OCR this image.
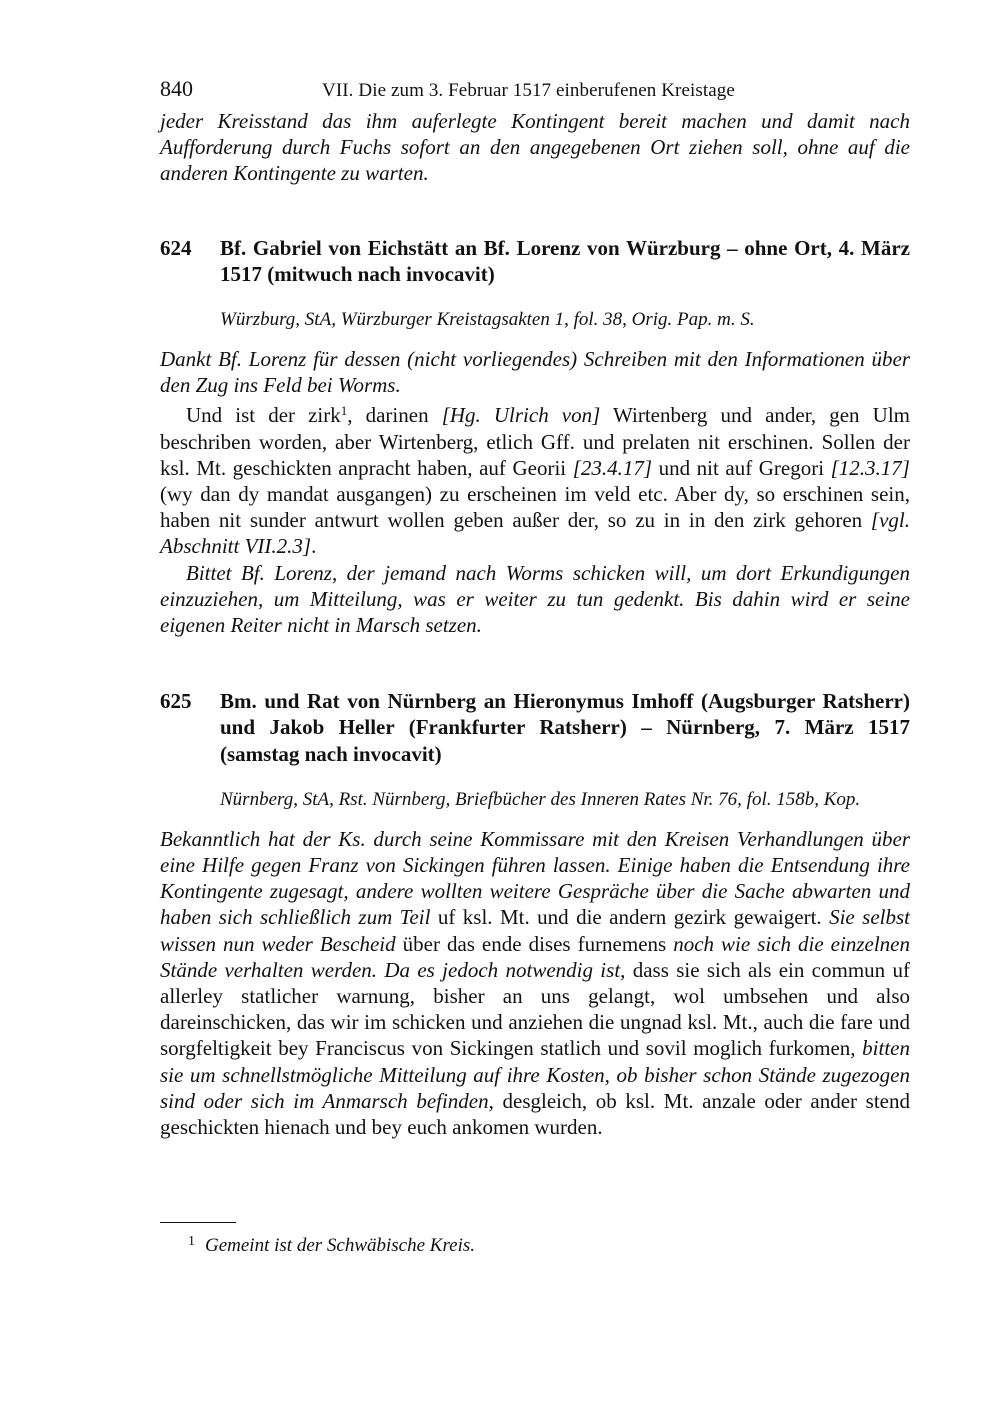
840	VII. Die zum 3. Februar 1517 einberufenen Kreistage

jeder Kreisstand das ihm auferlegte Kontingent bereit machen und damit nach Aufforderung durch Fuchs sofort an den angegebenen Ort ziehen soll, ohne auf die anderen Kontingente zu warten.

624	Bf. Gabriel von Eichstätt an Bf. Lorenz von Würzburg – ohne Ort, 4. März 1517 (mitwuch nach invocavit)
Würzburg, StA, Würzburger Kreistagsakten 1, fol. 38, Orig. Pap. m. S.

Dankt Bf. Lorenz für dessen (nicht vorliegendes) Schreiben mit den Informationen über den Zug ins Feld bei Worms.

Und ist der zirk$^1$, darinen [Hg. Ulrich von] Wirtenberg und ander, gen Ulm beschriben worden, aber Wirtenberg, etlich Gff. und prelaten nit erschinen. Sollen der ksl. Mt. geschickten anpracht haben, auf Georii [23.4.17] und nit auf Gregori [12.3.17] (wy dan dy mandat ausgangen) zu erscheinen im veld etc. Aber dy, so erschinen sein, haben nit sunder antwurt wollen geben außer der, so zu in in den zirk gehoren [vgl. Abschnitt VII.2.3].

Bittet Bf. Lorenz, der jemand nach Worms schicken will, um dort Erkundigungen einzuziehen, um Mitteilung, was er weiter zu tun gedenkt. Bis dahin wird er seine eigenen Reiter nicht in Marsch setzen.

625	Bm. und Rat von Nürnberg an Hieronymus Imhoff (Augsburger Ratsherr) und Jakob Heller (Frankfurter Ratsherr) – Nürnberg, 7. März 1517 (samstag nach invocavit)
Nürnberg, StA, Rst. Nürnberg, Briefbücher des Inneren Rates Nr. 76, fol. 158b, Kop.

Bekanntlich hat der Ks. durch seine Kommissare mit den Kreisen Verhandlungen über eine Hilfe gegen Franz von Sickingen führen lassen. Einige haben die Entsendung ihre Kontingente zugesagt, andere wollten weitere Gespräche über die Sache abwarten und haben sich schließlich zum Teil uf ksl. Mt. und die andern gezirk gewaigert. Sie selbst wissen nun weder Bescheid über das ende dises furnemens noch wie sich die einzelnen Stände verhalten werden. Da es jedoch notwendig ist, dass sie sich als ein commun uf allerley statlicher warnung, bisher an uns gelangt, wol umbsehen und also dareinschicken, das wir im schicken und anziehen die ungnad ksl. Mt., auch die fare und sorgfeltigkeit bey Franciscus von Sickingen statlich und sovil moglich furkomen, bitten sie um schnellstmögliche Mitteilung auf ihre Kosten, ob bisher schon Stände zugezogen sind oder sich im Anmarsch befinden, desgleich, ob ksl. Mt. anzale oder ander stend geschickten hienach und bey euch ankomen wurden.

$^1$ Gemeint ist der Schwäbische Kreis.
